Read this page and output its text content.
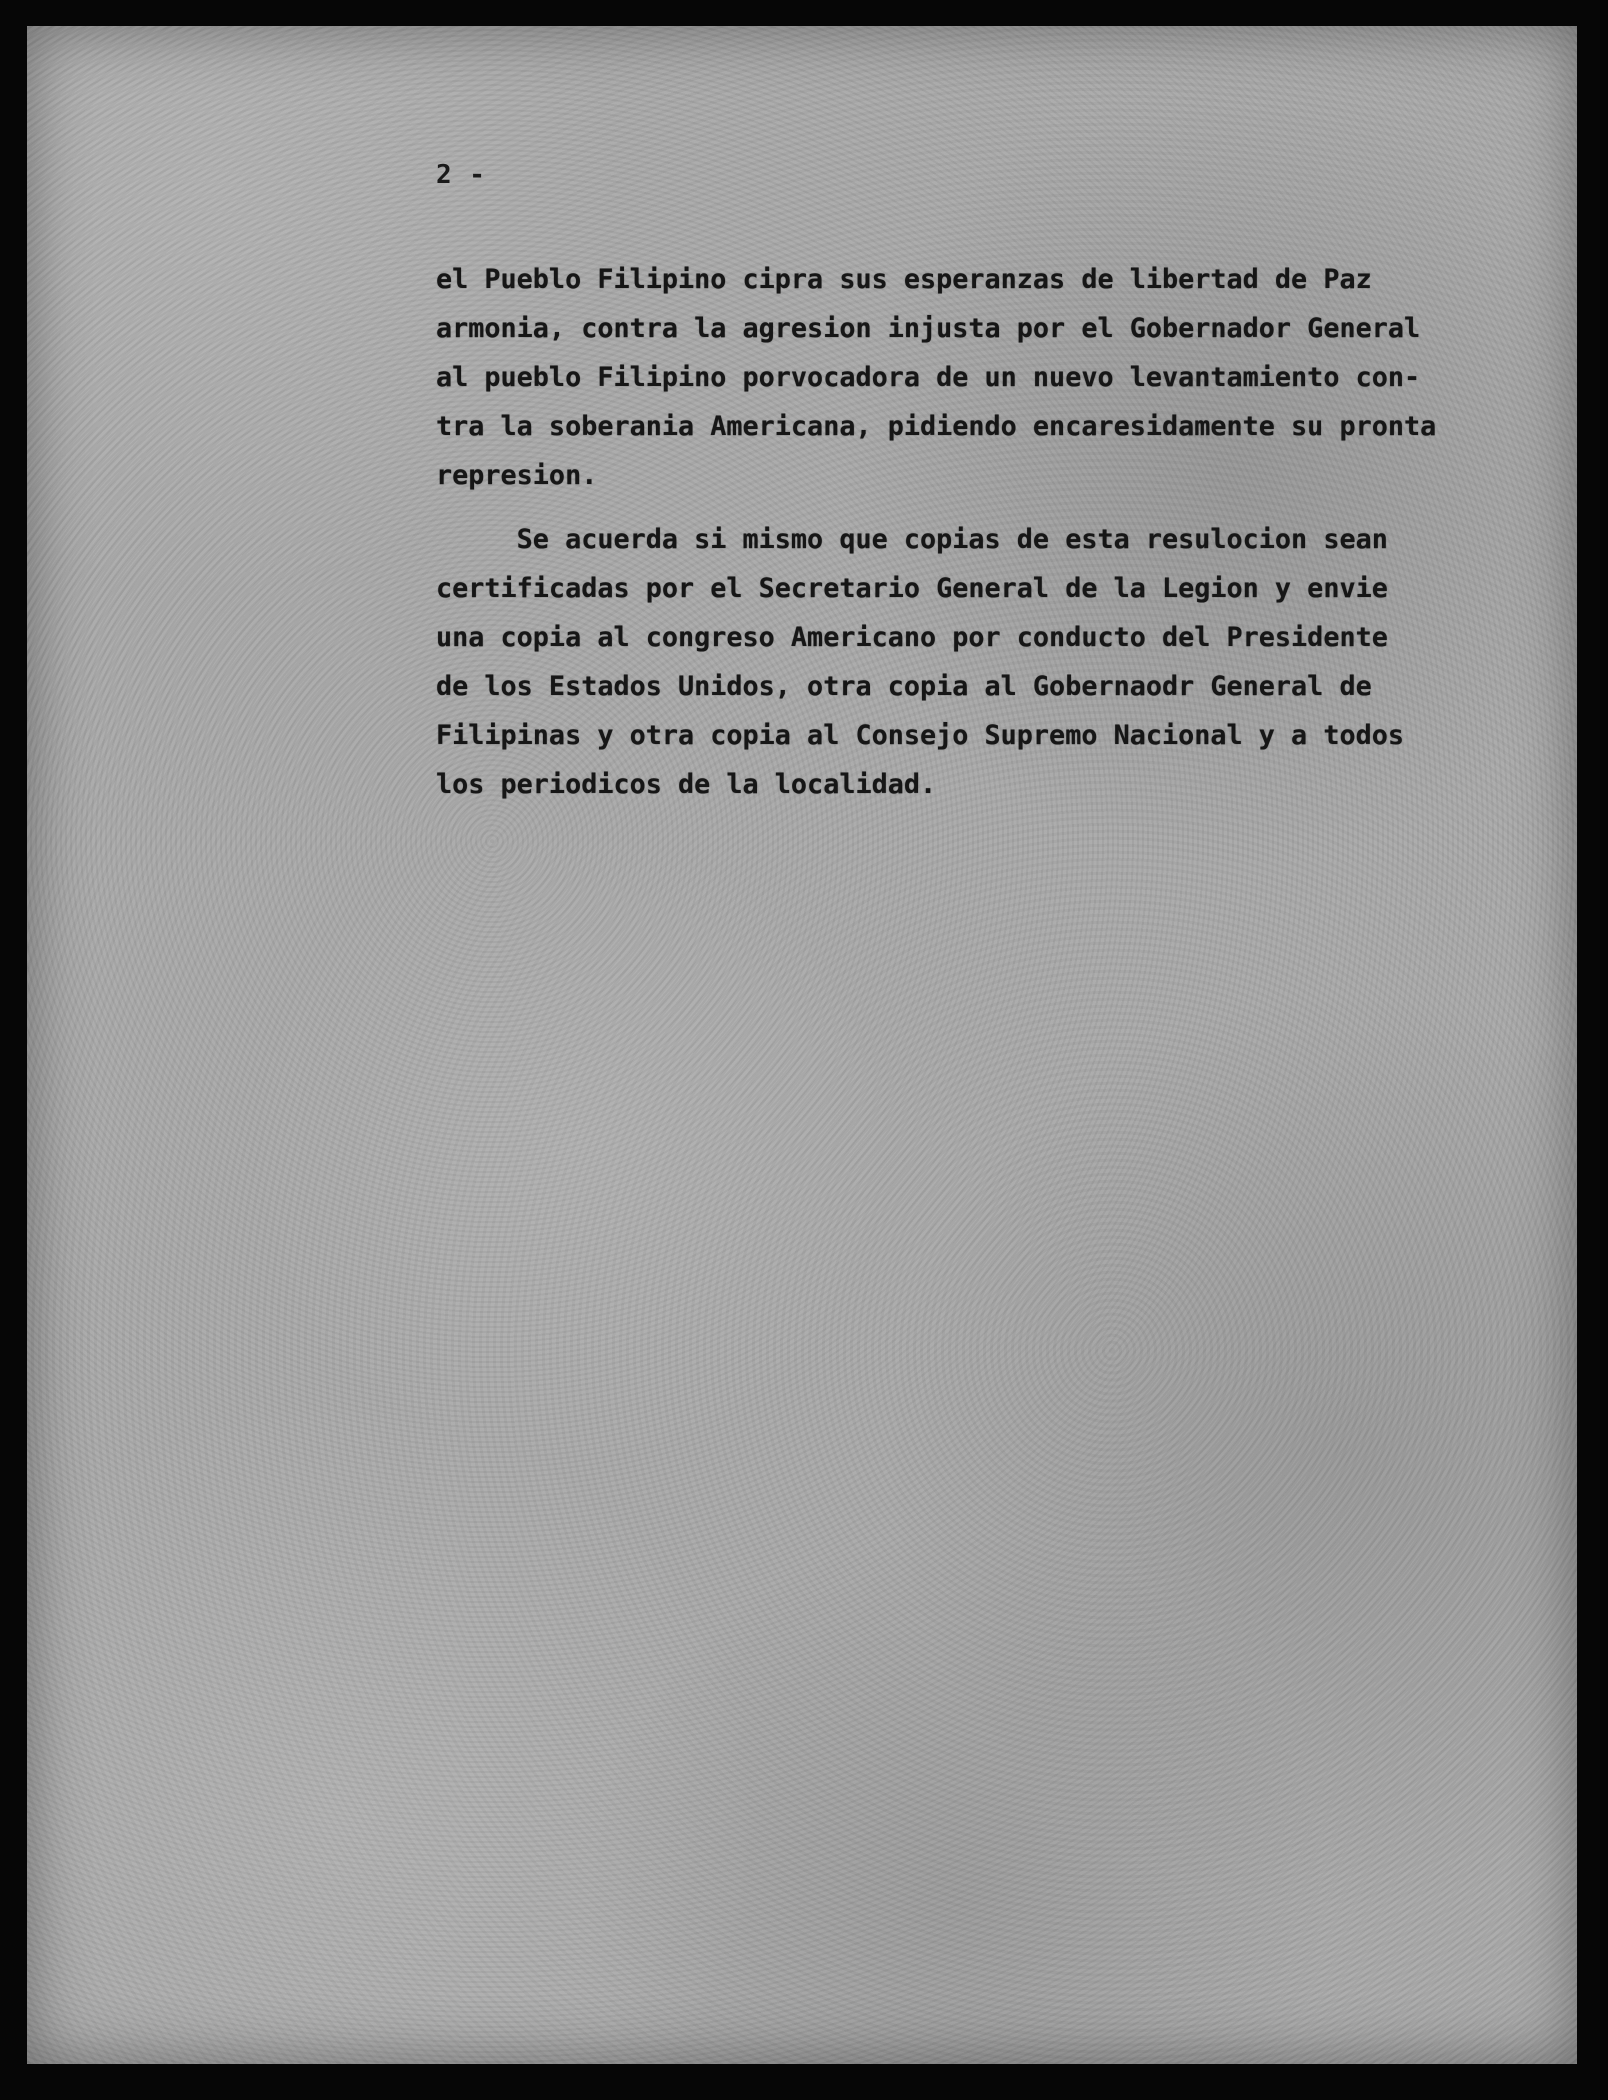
2 -

el Pueblo Filipino cipra sus esperanzas de libertad de Paz
armonia, contra la agresion injusta por el Gobernador General
al pueblo Filipino porvocadora de un nuevo levantamiento con-
tra la soberania Americana, pidiendo encaresidamente su pronta
represion.

Se acuerda si mismo que copias de esta resulocion sean
certificadas por el Secretario General de la Legion y envie
una copia al congreso Americano por conducto del Presidente
de los Estados Unidos, otra copia al Gobernaodr General de
Filipinas y otra copia al Consejo Supremo Nacional y a todos
los periodicos de la localidad.
